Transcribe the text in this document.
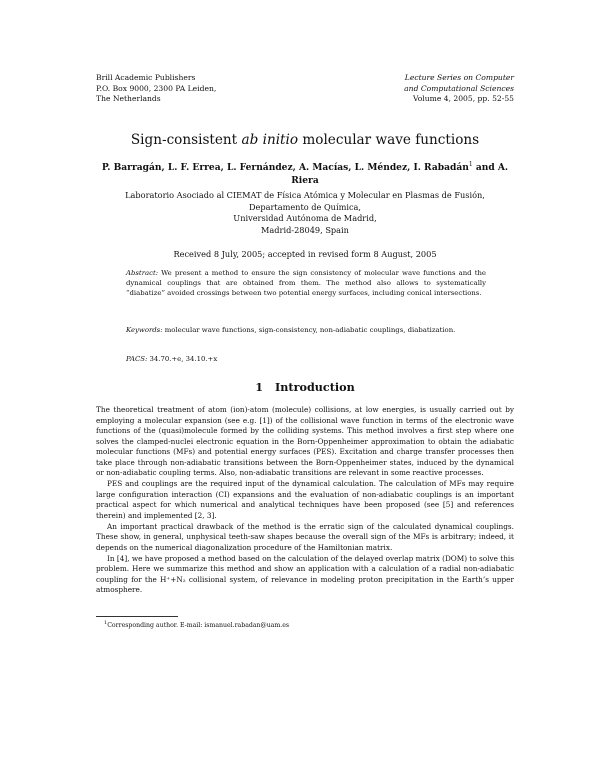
Brill Academic Publishers
P.O. Box 9000, 2300 PA Leiden,
The Netherlands
Lecture Series on Computer
and Computational Sciences
Volume 4, 2005, pp. 52-55
Sign-consistent ab initio molecular wave functions
P. Barragán, L. F. Errea, L. Fernández, A. Macías, L. Méndez, I. Rabadán$^1$ and A.
Riera
Laboratorio Asociado al CIEMAT de Física Atómica y Molecular en Plasmas de Fusión,
Departamento de Química,
Universidad Autónoma de Madrid,
Madrid-28049, Spain
Received 8 July, 2005; accepted in revised form 8 August, 2005
Abstract: We present a method to ensure the sign consistency of molecular wave functions and the dynamical couplings that are obtained from them. The method also allows to systematically “diabatize” avoided crossings between two potential energy surfaces, including conical intersections.
Keywords: molecular wave functions, sign-consistency, non-adiabatic couplings, diabatization.
PACS: 34.70.+e, 34.10.+x
1 Introduction

The theoretical treatment of atom (ion)-atom (molecule) collisions, at low energies, is usually carried out by employing a molecular expansion (see e.g. [1]) of the collisional wave function in terms of the electronic wave functions of the (quasi)molecule formed by the colliding systems. This method involves a first step where one solves the clamped-nuclei electronic equation in the Born-Oppenheimer approximation to obtain the adiabatic molecular functions (MFs) and potential energy surfaces (PES). Excitation and charge transfer processes then take place through non-adiabatic transitions between the Born-Oppenheimer states, induced by the dynamical or non-adiabatic coupling terms. Also, non-adiabatic transitions are relevant in some reactive processes.

PES and couplings are the required input of the dynamical calculation. The calculation of MFs may require large configuration interaction (CI) expansions and the evaluation of non-adiabatic couplings is an important practical aspect for which numerical and analytical techniques have been proposed (see [5] and references therein) and implemented [2, 3].

An important practical drawback of the method is the erratic sign of the calculated dynamical couplings. These show, in general, unphysical teeth-saw shapes because the overall sign of the MFs is arbitrary; indeed, it depends on the numerical diagonalization procedure of the Hamiltonian matrix.

In [4], we have proposed a method based on the calculation of the delayed overlap matrix (DOM) to solve this problem. Here we summarize this method and show an application with a calculation of a radial non-adiabatic coupling for the H⁺+N₂ collisional system, of relevance in modeling proton precipitation in the Earth’s upper atmosphere.

$^1$Corresponding author. E-mail: ismanuel.rabadan@uam.es
